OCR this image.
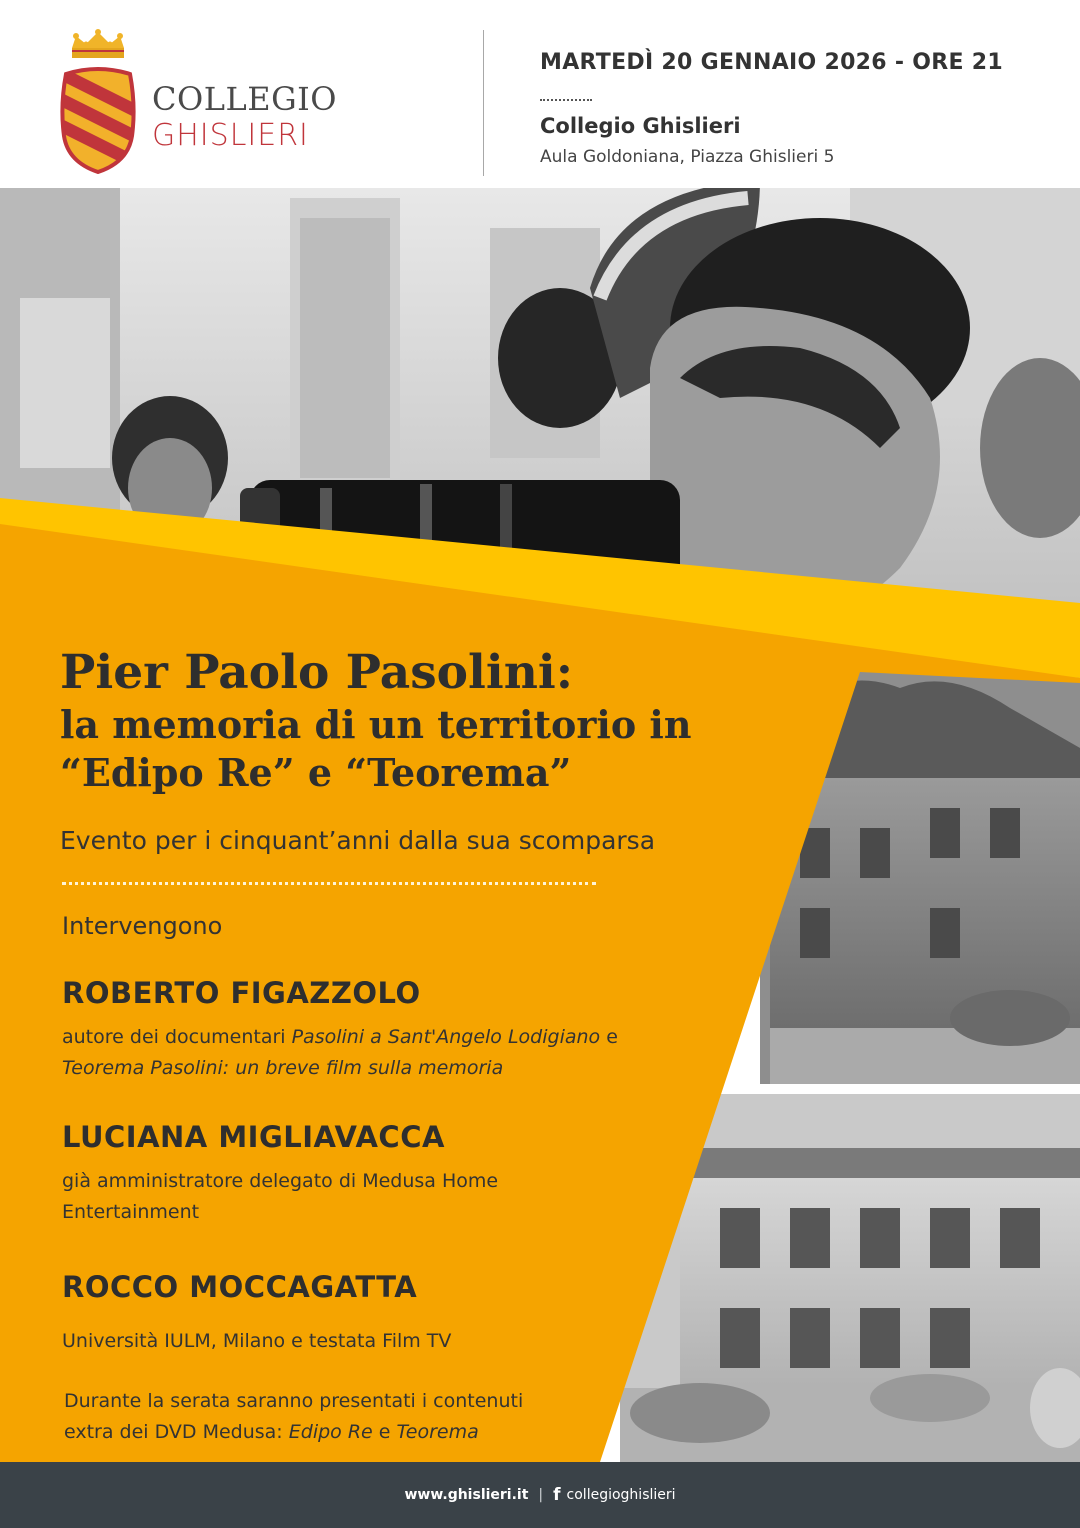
COLLEGIO
GHISLIERI
MARTEDÌ 20 GENNAIO 2026 - ORE 21
Collegio Ghislieri
Aula Goldoniana, Piazza Ghislieri 5
Pier Paolo Pasolini:
la memoria di un territorio in
“Edipo Re” e “Teorema”
Evento per i cinquant’anni dalla sua scomparsa
Intervengono
ROBERTO FIGAZZOLO
autore dei documentari Pasolini a Sant'Angelo Lodigiano e
Teorema Pasolini: un breve film sulla memoria
LUCIANA MIGLIAVACCA
già amministratore delegato di Medusa Home
Entertainment
ROCCO MOCCAGATTA
Università IULM, Milano e testata Film TV
Durante la serata saranno presentati i contenuti
extra dei DVD Medusa: Edipo Re e Teorema
www.ghislieri.it | f collegioghislieri
